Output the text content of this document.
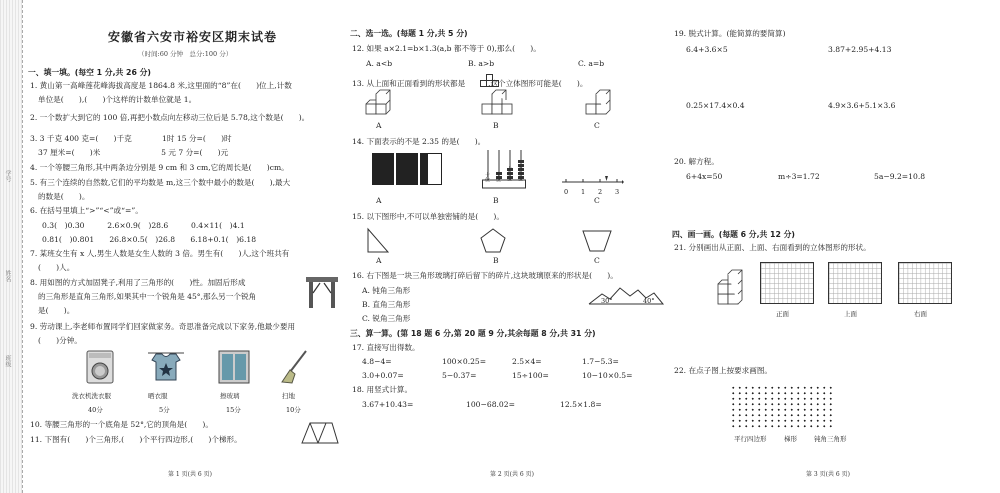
学号
姓名
班级
安徽省六安市裕安区期末试卷
（时间:60 分钟　总分:100 分）
一、填一填。(每空 1 分,共 26 分)
1. 黄山第一高峰莲花峰海拔高度是 1864.8 米,这里面的“8”在(　　)位上,计数
单位是(　　),(　　)个这样的计数单位就是 1。
2. 一个数扩大到它的 100 倍,再把小数点向左移动三位后是 5.78,这个数是(　　)。
3. 3 千克 400 克=(　　)千克　　　　1时 15 分=(　　)时
37 厘米=(　　)米　　　　　　　　5 元 7 分=(　　)元
4. 一个等腰三角形,其中两条边分别是 9 cm 和 3 cm,它的周长是(　　)cm。
5. 有三个连续的自然数,它们的平均数是 m,这三个数中最小的数是(　　),最大
的数是(　　)。
6. 在括号里填上“>”“<”或“=”。
0.3(　)0.30　　　2.6×0.9(　)28.6　　　0.4×11(　)4.1
0.81(　)0.801　　26.8×0.5(　)26.8　　6.18+0.1(　)6.18
7. 某班女生有 x 人,男生人数是女生人数的 3 倍。男生有(　　)人,这个班共有
(　　)人。
8. 用如图的方式加固凳子,利用了三角形的(　　)性。加固后形成
的三角形是直角三角形,如果其中一个锐角是 45°,那么另一个锐角
是(　　)。
9. 劳动课上,李老师布置同学们回家做家务。奇思准备完成以下家务,他最少要用
(　　)分钟。
洗衣机洗衣服	晒衣服	擦玻璃	扫地
40分	5分	15分	10分
10. 等腰三角形的一个底角是 52°,它的顶角是(　　)。
11. 下图有(　　)个三角形,(　　)个平行四边形,(　　)个梯形。
第 1 页(共 6 页)
二、选一选。(每题 1 分,共 5 分)
12. 如果 a×2.1=b×1.3(a,b 都不等于 0),那么(　　)。
A. a<b	B. a>b	C. a=b
13. 从上面和正面看到的形状都是　　　,这个立体图形可能是(　　)。
A	B	C
14. 下面表示的不是 2.35 的是(　　)。
十位 个位 十分位 百分位
0 1 2 3
A	B	C
15. 以下图形中,不可以单独密铺的是(　　)。
A	B	C
16. 右下图是一块三角形玻璃打碎后留下的碎片,这块玻璃原来的形状是(　　)。
A. 钝角三角形
B. 直角三角形
C. 锐角三角形
30°	40°
三、算一算。(第 18 题 6 分,第 20 题 9 分,其余每题 8 分,共 31 分)
17. 直接写出得数。
4.8−4=	100×0.25=	2.5×4=	1.7−5.3=
3.0+0.07=	5−0.37=	15÷100=	10−10×0.5=
18. 用竖式计算。
3.67+10.43=	100−68.02=	12.5×1.8=
第 2 页(共 6 页)
19. 脱式计算。(能简算的要简算)
6.4+3.6×5	3.87+2.95+4.13
0.25×17.4×0.4	4.9×3.6+5.1×3.6
20. 解方程。
6+4x=50	m÷3=1.72	5a−9.2=10.8
四、画一画。(每题 6 分,共 12 分)
21. 分别画出从正面、上面、右面看到的立体图形的形状。
正面	上面	右面
22. 在点子图上按要求画图。
平行四边形	梯形	钝角三角形
第 3 页(共 6 页)
